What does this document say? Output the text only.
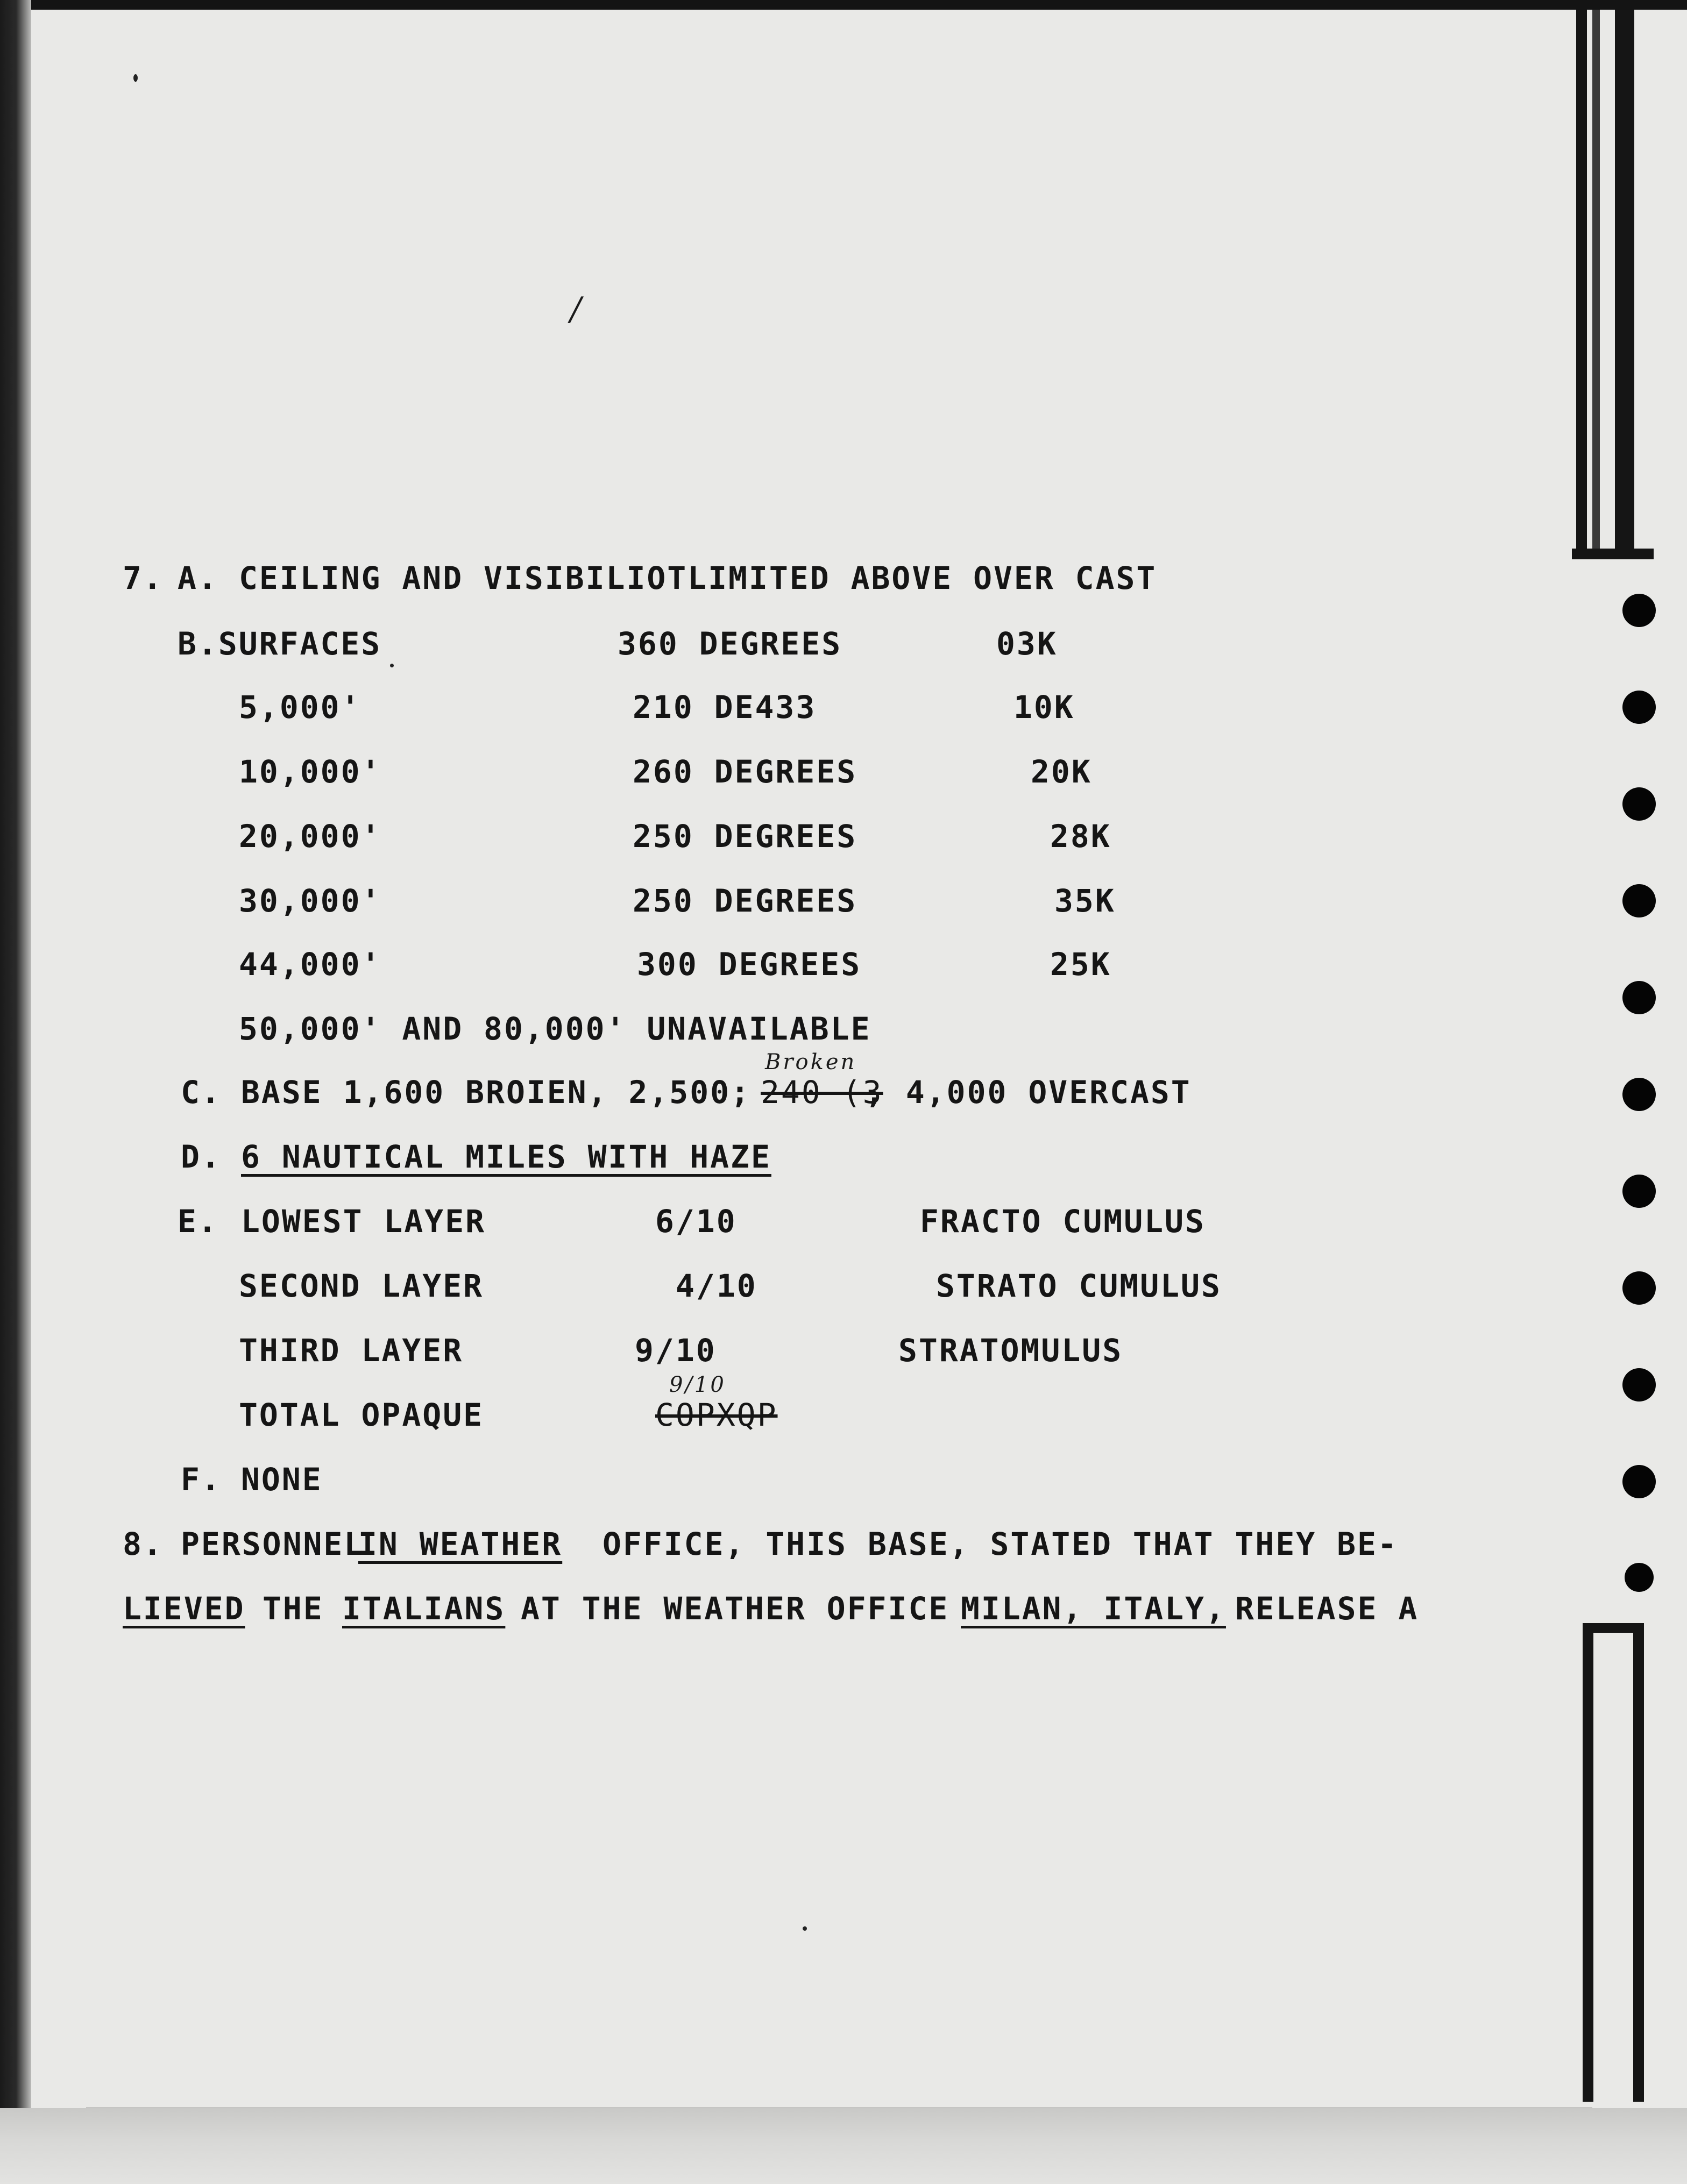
/
7. A. CEILING AND VISIBILIOTLIMITED ABOVE OVER CAST
B.SURFACES	360 DEGREES	03K
5,000'	210 DE433	10K
10,000'	260 DEGREES	20K
20,000'	250 DEGREES	28K
30,000'	250 DEGREES	35K
44,000'	300 DEGREES	25K
50,000' AND 80,000' UNAVAILABLE
C. BASE 1,600 BROIEN, 2,500; 240 (3
Broken
, 4,000 OVERCAST
D. 6 NAUTICAL MILES WITH HAZE
E. LOWEST LAYER	6/10	FRACTO CUMULUS
SECOND LAYER	4/10	STRATO CUMULUS
THIRD LAYER	9/10	STRATOMULUS
TOTAL OPAQUE	COPXQP
9/10
F. NONE
8. PERSONNEL
IN WEATHER OFFICE, THIS BASE, STATED THAT THEY BE-
LIEVED THE ITALIANS AT THE WEATHER OFFICE MILAN, ITALY, RELEASE A
